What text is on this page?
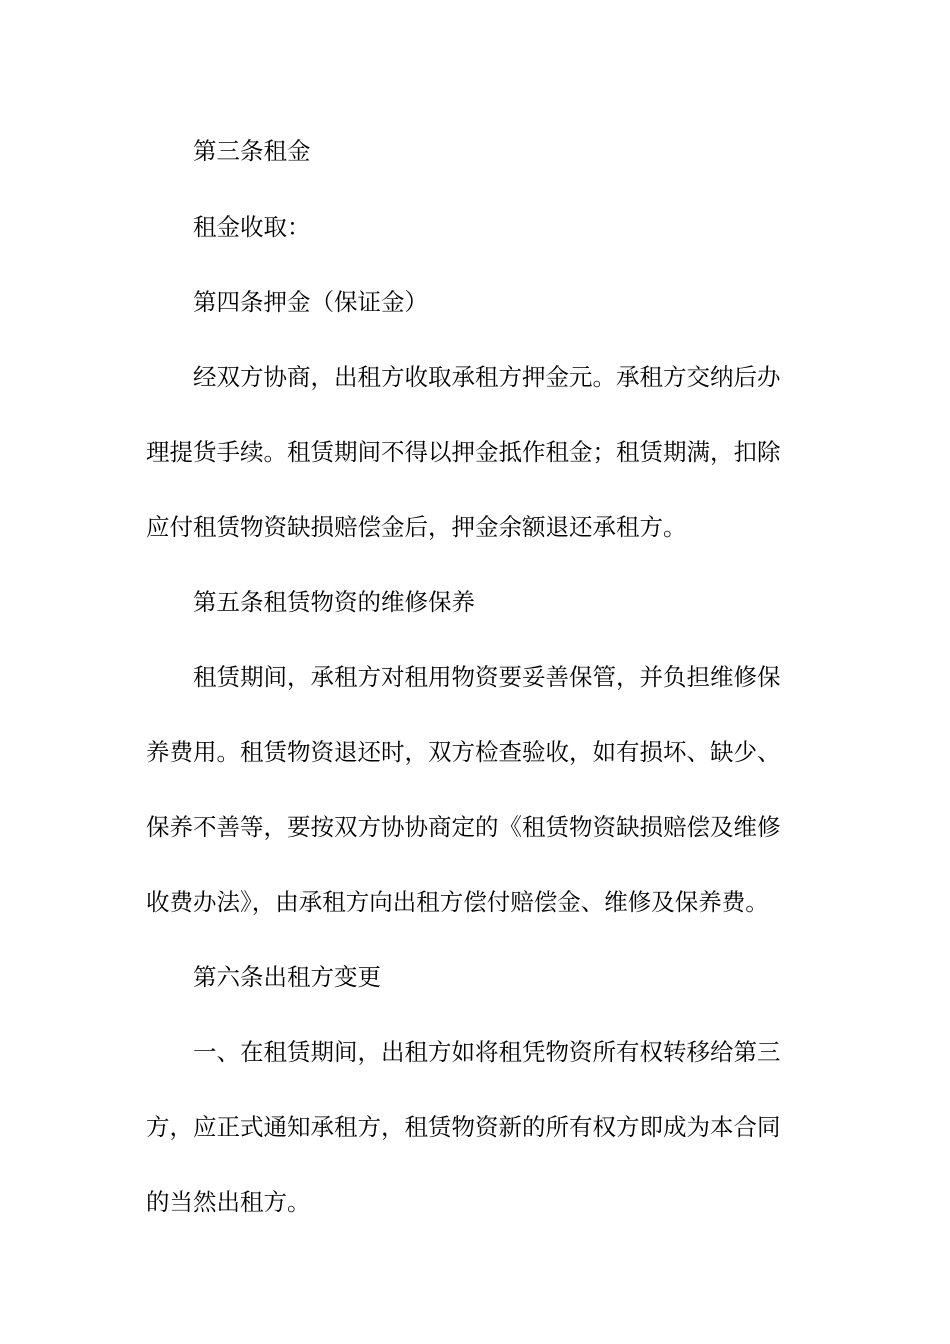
第三条租金
租金收取：
第四条押金（保证金）
经双方协商，出租方收取承租方押金元。承租方交纳后办
理提货手续。租赁期间不得以押金抵作租金；租赁期满，扣除
应付租赁物资缺损赔偿金后，押金余额退还承租方。
第五条租赁物资的维修保养
租赁期间，承租方对租用物资要妥善保管，并负担维修保
养费用。租赁物资退还时，双方检查验收，如有损坏、缺少、
保养不善等，要按双方协协商定的《租赁物资缺损赔偿及维修
收费办法》，由承租方向出租方偿付赔偿金、维修及保养费。
第六条出租方变更
一、在租赁期间，出租方如将租凭物资所有权转移给第三
方，应正式通知承租方，租赁物资新的所有权方即成为本合同
的当然出租方。
